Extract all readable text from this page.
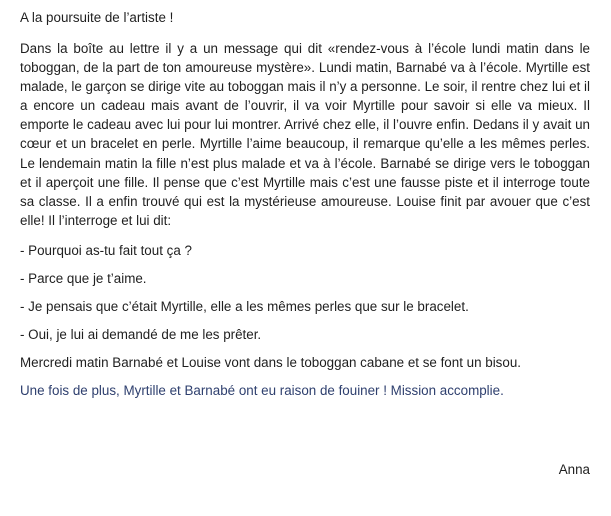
A la poursuite de l’artiste !
Dans la boîte au lettre il y a un message qui dit «rendez-vous à l’école lundi matin dans le toboggan, de la part de ton amoureuse mystère». Lundi matin, Barnabé va à l’école. Myrtille est malade, le garçon se dirige vite au toboggan mais il n’y a personne. Le soir, il rentre chez lui et il a encore un cadeau mais avant de l’ouvrir, il va voir Myrtille pour savoir si elle va mieux. Il emporte le cadeau avec lui pour lui montrer. Arrivé chez elle, il l’ouvre enfin. Dedans il y avait un cœur et un bracelet en perle. Myrtille l’aime beaucoup, il remarque qu’elle a les mêmes perles. Le lendemain matin la fille n’est plus malade et va à l’école. Barnabé se dirige vers le toboggan et il aperçoit une fille. Il pense que c’est Myrtille mais c’est une fausse piste et il interroge toute sa classe. Il a enfin trouvé qui est la mystérieuse amoureuse. Louise finit par avouer que c’est elle! Il l’interroge et lui dit:
- Pourquoi as-tu fait tout ça ?
- Parce que je t’aime.
- Je pensais que c’était Myrtille, elle a les mêmes perles que sur le bracelet.
- Oui, je lui ai demandé de me les prêter.
Mercredi matin Barnabé et Louise vont dans le toboggan cabane et se font un bisou.
Une fois de plus, Myrtille et Barnabé ont eu raison de fouiner ! Mission accomplie.
Anna
